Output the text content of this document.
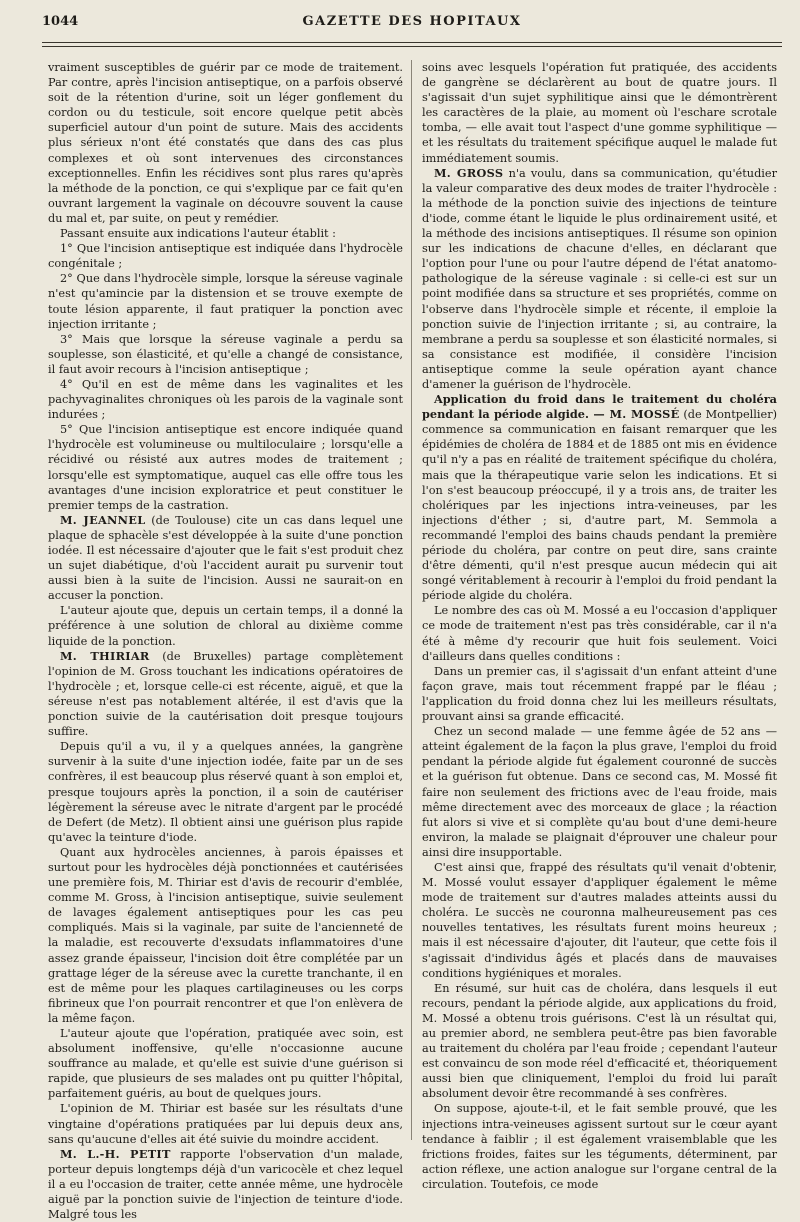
1044	GAZETTE DES HOPITAUX

vraiment susceptibles de guérir par ce mode de traitement. Par contre, après l'incision antiseptique, on a parfois observé soit de la rétention d'urine, soit un léger gonflement du cordon ou du testicule, soit encore quelque petit abcès superficiel autour d'un point de suture. Mais des accidents plus sérieux n'ont été constatés que dans des cas plus complexes et où sont intervenues des circonstances exceptionnelles. Enfin les récidives sont plus rares qu'après la méthode de la ponction, ce qui s'explique par ce fait qu'en ouvrant largement la vaginale on découvre souvent la cause du mal et, par suite, on peut y remédier.

Passant ensuite aux indications l'auteur établit :

1° Que l'incision antiseptique est indiquée dans l'hydrocèle congénitale ;

2° Que dans l'hydrocèle simple, lorsque la séreuse vaginale n'est qu'amincie par la distension et se trouve exempte de toute lésion apparente, il faut pratiquer la ponction avec injection irritante ;

3° Mais que lorsque la séreuse vaginale a perdu sa souplesse, son élasticité, et qu'elle a changé de consistance, il faut avoir recours à l'incision antiseptique ;

4° Qu'il en est de même dans les vaginalites et les pachyvaginalites chroniques où les parois de la vaginale sont indurées ;

5° Que l'incision antiseptique est encore indiquée quand l'hydrocèle est volumineuse ou multiloculaire ; lorsqu'elle a récidivé ou résisté aux autres modes de traitement ; lorsqu'elle est symptomatique, auquel cas elle offre tous les avantages d'une incision exploratrice et peut constituer le premier temps de la castration.

M. JEANNEL (de Toulouse) cite un cas dans lequel une plaque de sphacèle s'est développée à la suite d'une ponction iodée. Il est nécessaire d'ajouter que le fait s'est produit chez un sujet diabétique, d'où l'accident aurait pu survenir tout aussi bien à la suite de l'incision. Aussi ne saurait-on en accuser la ponction.

L'auteur ajoute que, depuis un certain temps, il a donné la préférence à une solution de chloral au dixième comme liquide de la ponction.

M. THIRIAR (de Bruxelles) partage complètement l'opinion de M. Gross touchant les indications opératoires de l'hydrocèle ; et, lorsque celle-ci est récente, aiguë, et que la séreuse n'est pas notablement altérée, il est d'avis que la ponction suivie de la cautérisation doit presque toujours suffire.

Depuis qu'il a vu, il y a quelques années, la gangrène survenir à la suite d'une injection iodée, faite par un de ses confrères, il est beaucoup plus réservé quant à son emploi et, presque toujours après la ponction, il a soin de cautériser légèrement la séreuse avec le nitrate d'argent par le procédé de Defert (de Metz). Il obtient ainsi une guérison plus rapide qu'avec la teinture d'iode.

Quant aux hydrocèles anciennes, à parois épaisses et surtout pour les hydrocèles déjà ponctionnées et cautérisées une première fois, M. Thiriar est d'avis de recourir d'emblée, comme M. Gross, à l'incision antiseptique, suivie seulement de lavages également antiseptiques pour les cas peu compliqués. Mais si la vaginale, par suite de l'ancienneté de la maladie, est recouverte d'exsudats inflammatoires d'une assez grande épaisseur, l'incision doit être complétée par un grattage léger de la séreuse avec la curette tranchante, il en est de même pour les plaques cartilagineuses ou les corps fibrineux que l'on pourrait rencontrer et que l'on enlèvera de la même façon.

L'auteur ajoute que l'opération, pratiquée avec soin, est absolument inoffensive, qu'elle n'occasionne aucune souffrance au malade, et qu'elle est suivie d'une guérison si rapide, que plusieurs de ses malades ont pu quitter l'hôpital, parfaitement guéris, au bout de quelques jours.

L'opinion de M. Thiriar est basée sur les résultats d'une vingtaine d'opérations pratiquées par lui depuis deux ans, sans qu'aucune d'elles ait été suivie du moindre accident.

M. L.-H. PETIT rapporte l'observation d'un malade, porteur depuis longtemps déjà d'un varicocèle et chez lequel il a eu l'occasion de traiter, cette année même, une hydrocèle aiguë par la ponction suivie de l'injection de teinture d'iode. Malgré tous les

soins avec lesquels l'opération fut pratiquée, des accidents de gangrène se déclarèrent au bout de quatre jours. Il s'agissait d'un sujet syphilitique ainsi que le démontrèrent les caractères de la plaie, au moment où l'eschare scrotale tomba, — elle avait tout l'aspect d'une gomme syphilitique — et les résultats du traitement spécifique auquel le malade fut immédiatement soumis.

M. GROSS n'a voulu, dans sa communication, qu'étudier la valeur comparative des deux modes de traiter l'hydrocèle : la méthode de la ponction suivie des injections de teinture d'iode, comme étant le liquide le plus ordinairement usité, et la méthode des incisions antiseptiques. Il résume son opinion sur les indications de chacune d'elles, en déclarant que l'option pour l'une ou pour l'autre dépend de l'état anatomo-pathologique de la séreuse vaginale : si celle-ci est sur un point modifiée dans sa structure et ses propriétés, comme on l'observe dans l'hydrocèle simple et récente, il emploie la ponction suivie de l'injection irritante ; si, au contraire, la membrane a perdu sa souplesse et son élasticité normales, si sa consistance est modifiée, il considère l'incision antiseptique comme la seule opération ayant chance d'amener la guérison de l'hydrocèle.

Application du froid dans le traitement du choléra pendant la période algide. — M. MOSSÉ (de Montpellier) commence sa communication en faisant remarquer que les épidémies de choléra de 1884 et de 1885 ont mis en évidence qu'il n'y a pas en réalité de traitement spécifique du choléra, mais que la thérapeutique varie selon les indications. Et si l'on s'est beaucoup préoccupé, il y a trois ans, de traiter les cholériques par les injections intra-veineuses, par les injections d'éther ; si, d'autre part, M. Semmola a recommandé l'emploi des bains chauds pendant la première période du choléra, par contre on peut dire, sans crainte d'être démenti, qu'il n'est presque aucun médecin qui ait songé véritablement à recourir à l'emploi du froid pendant la période algide du choléra.

Le nombre des cas où M. Mossé a eu l'occasion d'appliquer ce mode de traitement n'est pas très considérable, car il n'a été à même d'y recourir que huit fois seulement. Voici d'ailleurs dans quelles conditions :

Dans un premier cas, il s'agissait d'un enfant atteint d'une façon grave, mais tout récemment frappé par le fléau ; l'application du froid donna chez lui les meilleurs résultats, prouvant ainsi sa grande efficacité.

Chez un second malade — une femme âgée de 52 ans — atteint également de la façon la plus grave, l'emploi du froid pendant la période algide fut également couronné de succès et la guérison fut obtenue. Dans ce second cas, M. Mossé fit faire non seulement des frictions avec de l'eau froide, mais même directement avec des morceaux de glace ; la réaction fut alors si vive et si complète qu'au bout d'une demi-heure environ, la malade se plaignait d'éprouver une chaleur pour ainsi dire insupportable.

C'est ainsi que, frappé des résultats qu'il venait d'obtenir, M. Mossé voulut essayer d'appliquer également le même mode de traitement sur d'autres malades atteints aussi du choléra. Le succès ne couronna malheureusement pas ces nouvelles tentatives, les résultats furent moins heureux ; mais il est nécessaire d'ajouter, dit l'auteur, que cette fois il s'agissait d'individus âgés et placés dans de mauvaises conditions hygiéniques et morales.

En résumé, sur huit cas de choléra, dans lesquels il eut recours, pendant la période algide, aux applications du froid, M. Mossé a obtenu trois guérisons. C'est là un résultat qui, au premier abord, ne semblera peut-être pas bien favorable au traitement du choléra par l'eau froide ; cependant l'auteur est convaincu de son mode réel d'efficacité et, théoriquement aussi bien que cliniquement, l'emploi du froid lui paraît absolument devoir être recommandé à ses confrères.

On suppose, ajoute-t-il, et le fait semble prouvé, que les injections intra-veineuses agissent surtout sur le cœur ayant tendance à faiblir ; il est également vraisemblable que les frictions froides, faites sur les téguments, déterminent, par action réflexe, une action analogue sur l'organe central de la circulation. Toutefois, ce mode
